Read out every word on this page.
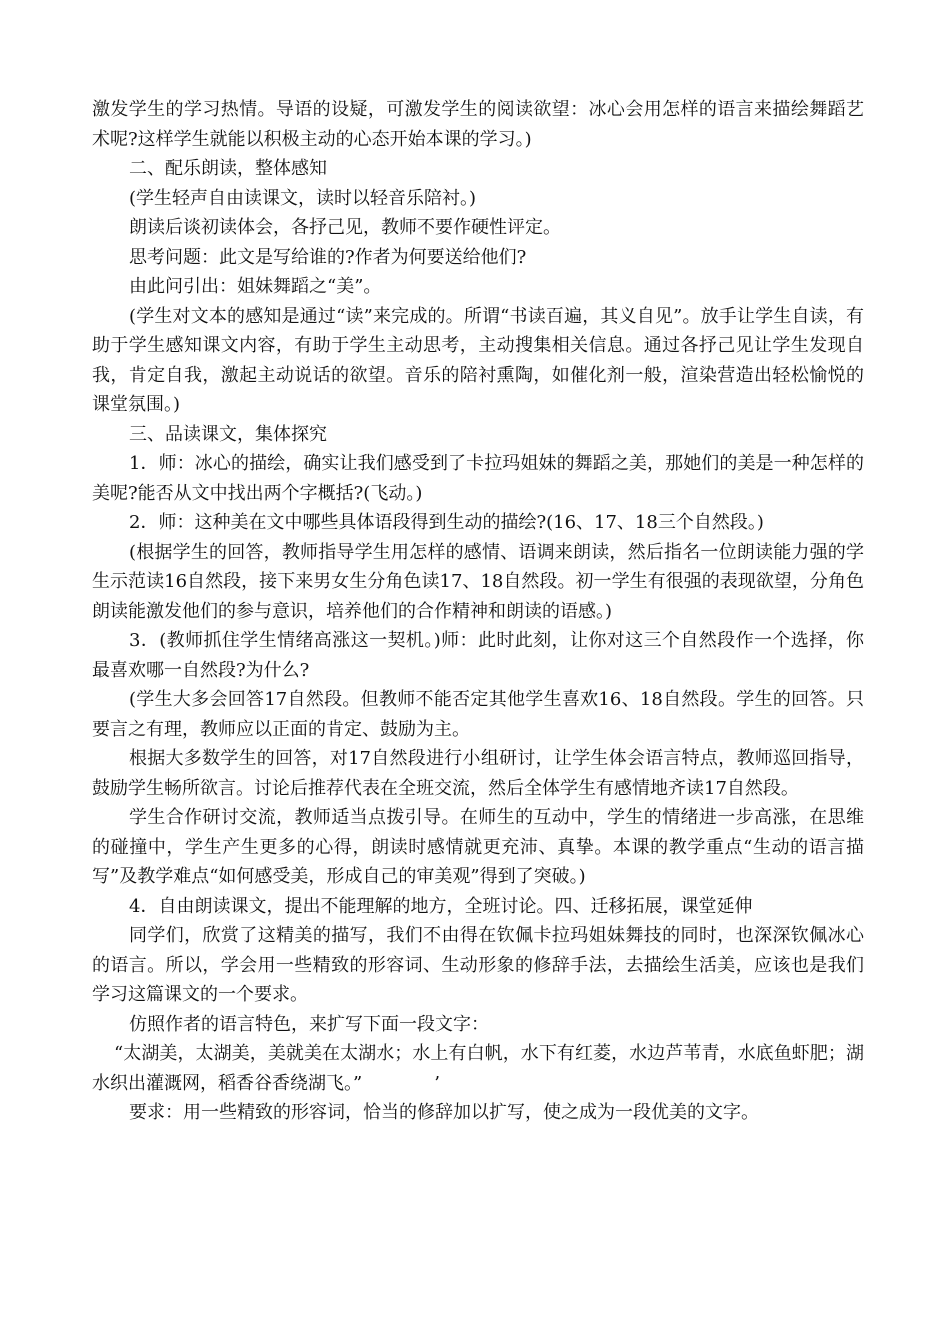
激发学生的学习热情。导语的设疑，可激发学生的阅读欲望：冰心会用怎样的语言来描绘舞蹈艺术呢?这样学生就能以积极主动的心态开始本课的学习。)

二、配乐朗读，整体感知

(学生轻声自由读课文，读时以轻音乐陪衬。)

朗读后谈初读体会，各抒己见，教师不要作硬性评定。

思考问题：此文是写给谁的?作者为何要送给他们?

由此问引出：姐妹舞蹈之“美”。

(学生对文本的感知是通过“读”来完成的。所谓“书读百遍，其义自见”。放手让学生自读，有助于学生感知课文内容，有助于学生主动思考，主动搜集相关信息。通过各抒己见让学生发现自我，肯定自我，激起主动说话的欲望。音乐的陪衬熏陶，如催化剂一般，渲染营造出轻松愉悦的课堂氛围。)

三、品读课文，集体探究

1．师：冰心的描绘，确实让我们感受到了卡拉玛姐妹的舞蹈之美，那她们的美是一种怎样的美呢?能否从文中找出两个字概括?(飞动。)

2．师：这种美在文中哪些具体语段得到生动的描绘?(16、17、18三个自然段。)

(根据学生的回答，教师指导学生用怎样的感情、语调来朗读，然后指名一位朗读能力强的学生示范读16自然段，接下来男女生分角色读17、18自然段。初一学生有很强的表现欲望，分角色朗读能激发他们的参与意识，培养他们的合作精神和朗读的语感。)

3．(教师抓住学生情绪高涨这一契机。)师：此时此刻，让你对这三个自然段作一个选择，你最喜欢哪一自然段?为什么?

(学生大多会回答17自然段。但教师不能否定其他学生喜欢16、18自然段。学生的回答。只要言之有理，教师应以正面的肯定、鼓励为主。

根据大多数学生的回答，对17自然段进行小组研讨，让学生体会语言特点，教师巡回指导，鼓励学生畅所欲言。讨论后推荐代表在全班交流，然后全体学生有感情地齐读17自然段。

学生合作研讨交流，教师适当点拨引导。在师生的互动中，学生的情绪进一步高涨，在思维的碰撞中，学生产生更多的心得，朗读时感情就更充沛、真挚。本课的教学重点“生动的语言描写”及教学难点“如何感受美，形成自己的审美观”得到了突破。)

4．自由朗读课文，提出不能理解的地方，全班讨论。四、迁移拓展，课堂延伸

同学们，欣赏了这精美的描写，我们不由得在钦佩卡拉玛姐妹舞技的同时，也深深钦佩冰心的语言。所以，学会用一些精致的形容词、生动形象的修辞手法，去描绘生活美，应该也是我们学习这篇课文的一个要求。

仿照作者的语言特色，来扩写下面一段文字：

“太湖美，太湖美，美就美在太湖水；水上有白帆，水下有红菱，水边芦苇青，水底鱼虾肥；湖水织出灌溉网，稻香谷香绕湖飞。”	’

要求：用一些精致的形容词，恰当的修辞加以扩写，使之成为一段优美的文字。
